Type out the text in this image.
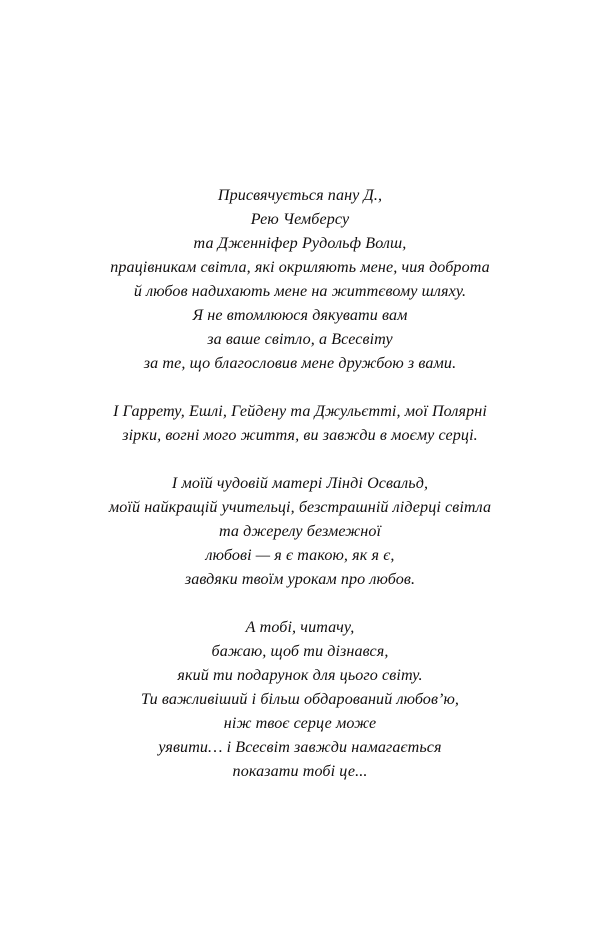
Присвячується пану Д.,
Рею Чемберсу
та Дженніфер Рудольф Волш,
працівникам світла, які окриляють мене, чия доброта
й любов надихають мене на життєвому шляху.
Я не втомлююся дякувати вам
за ваше світло, а Всесвіту
за те, що благословив мене дружбою з вами.

І Гаррету, Ешлі, Гейдену та Джульєтті, мої Полярні
зірки, вогні мого життя, ви завжди в моєму серці.

І моїй чудовій матері Лінді Освальд,
моїй найкращій учительці, безстрашній лідерці світла
та джерелу безмежної
любові — я є такою, як я є,
завдяки твоїм урокам про любов.

А тобі, читачу,
бажаю, щоб ти дізнався,
який ти подарунок для цього світу.
Ти важливіший і більш обдарований любов’ю,
ніж твоє серце може
уявити… і Всесвіт завжди намагається
показати тобі це...
